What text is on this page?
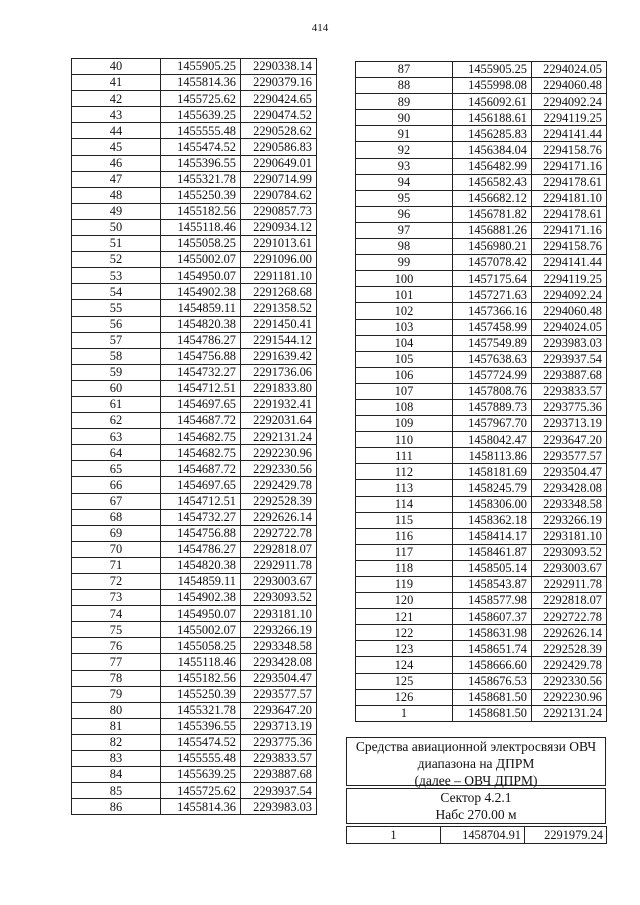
414
40	1455905.25	2290338.14
41	1455814.36	2290379.16
42	1455725.62	2290424.65
43	1455639.25	2290474.52
44	1455555.48	2290528.62
45	1455474.52	2290586.83
46	1455396.55	2290649.01
47	1455321.78	2290714.99
48	1455250.39	2290784.62
49	1455182.56	2290857.73
50	1455118.46	2290934.12
51	1455058.25	2291013.61
52	1455002.07	2291096.00
53	1454950.07	2291181.10
54	1454902.38	2291268.68
55	1454859.11	2291358.52
56	1454820.38	2291450.41
57	1454786.27	2291544.12
58	1454756.88	2291639.42
59	1454732.27	2291736.06
60	1454712.51	2291833.80
61	1454697.65	2291932.41
62	1454687.72	2292031.64
63	1454682.75	2292131.24
64	1454682.75	2292230.96
65	1454687.72	2292330.56
66	1454697.65	2292429.78
67	1454712.51	2292528.39
68	1454732.27	2292626.14
69	1454756.88	2292722.78
70	1454786.27	2292818.07
71	1454820.38	2292911.78
72	1454859.11	2293003.67
73	1454902.38	2293093.52
74	1454950.07	2293181.10
75	1455002.07	2293266.19
76	1455058.25	2293348.58
77	1455118.46	2293428.08
78	1455182.56	2293504.47
79	1455250.39	2293577.57
80	1455321.78	2293647.20
81	1455396.55	2293713.19
82	1455474.52	2293775.36
83	1455555.48	2293833.57
84	1455639.25	2293887.68
85	1455725.62	2293937.54
86	1455814.36	2293983.03
87	1455905.25	2294024.05
88	1455998.08	2294060.48
89	1456092.61	2294092.24
90	1456188.61	2294119.25
91	1456285.83	2294141.44
92	1456384.04	2294158.76
93	1456482.99	2294171.16
94	1456582.43	2294178.61
95	1456682.12	2294181.10
96	1456781.82	2294178.61
97	1456881.26	2294171.16
98	1456980.21	2294158.76
99	1457078.42	2294141.44
100	1457175.64	2294119.25
101	1457271.63	2294092.24
102	1457366.16	2294060.48
103	1457458.99	2294024.05
104	1457549.89	2293983.03
105	1457638.63	2293937.54
106	1457724.99	2293887.68
107	1457808.76	2293833.57
108	1457889.73	2293775.36
109	1457967.70	2293713.19
110	1458042.47	2293647.20
111	1458113.86	2293577.57
112	1458181.69	2293504.47
113	1458245.79	2293428.08
114	1458306.00	2293348.58
115	1458362.18	2293266.19
116	1458414.17	2293181.10
117	1458461.87	2293093.52
118	1458505.14	2293003.67
119	1458543.87	2292911.78
120	1458577.98	2292818.07
121	1458607.37	2292722.78
122	1458631.98	2292626.14
123	1458651.74	2292528.39
124	1458666.60	2292429.78
125	1458676.53	2292330.56
126	1458681.50	2292230.96
1	1458681.50	2292131.24
Средства авиационной электросвязи ОВЧ
диапазона на ДПРМ
(далее – ОВЧ ДПРМ)
Сектор 4.2.1
Набс 270.00 м
1	1458704.91	2291979.24
